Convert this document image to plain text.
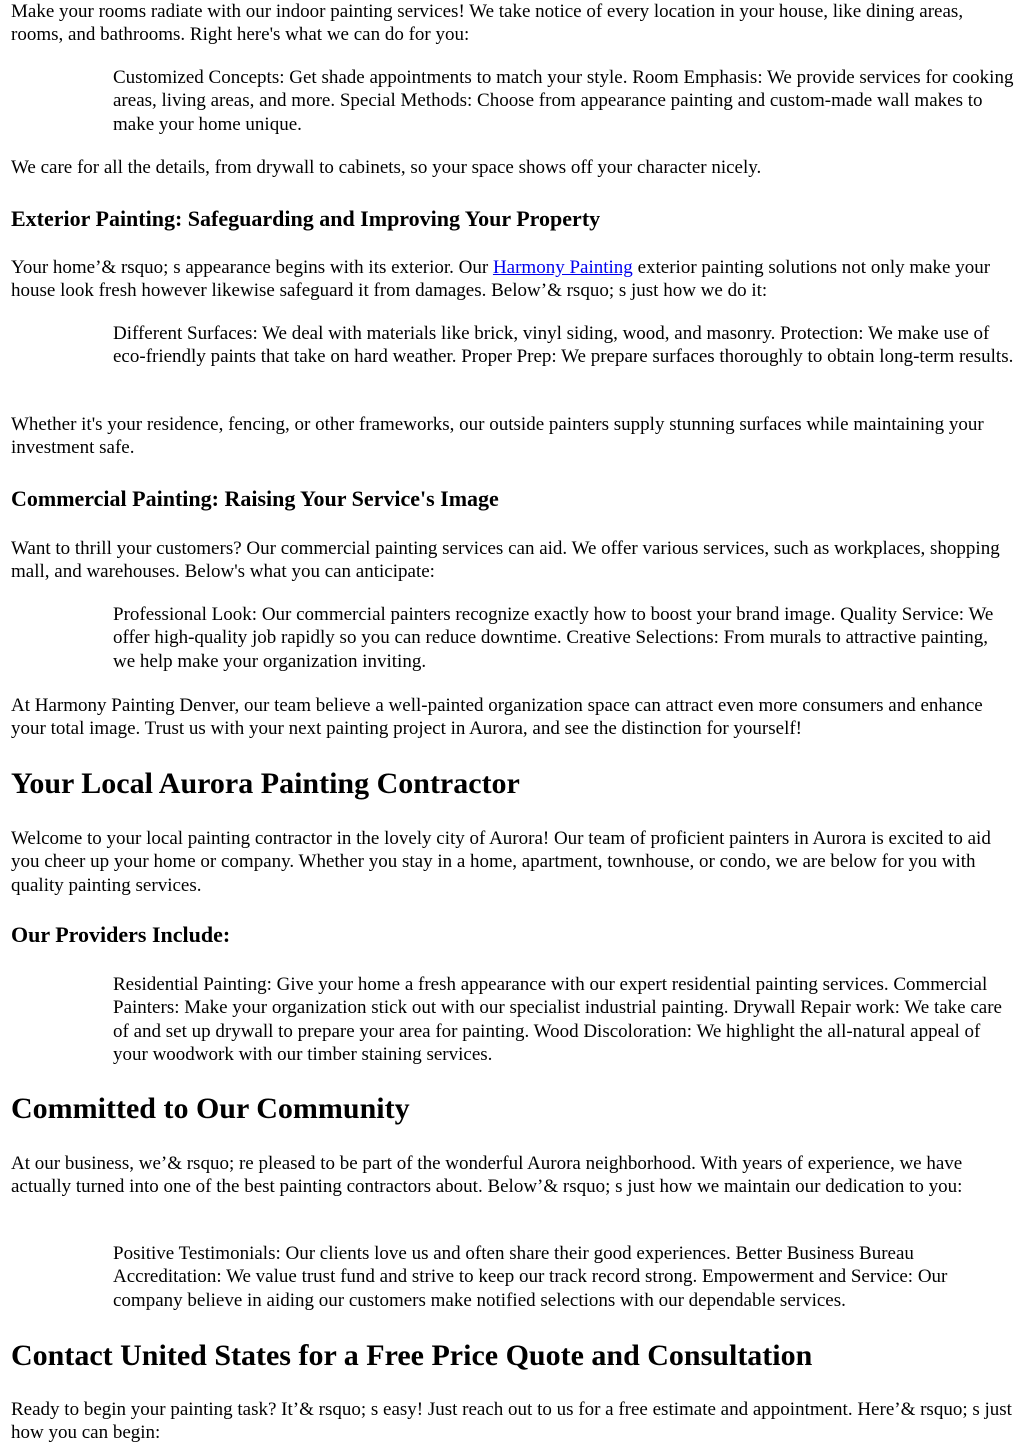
Make your rooms radiate with our indoor painting services! We take notice of every location in your house, like dining areas, rooms, and bathrooms. Right here's what we can do for you:

Customized Concepts: Get shade appointments to match your style. Room Emphasis: We provide services for cooking areas, living areas, and more. Special Methods: Choose from appearance painting and custom-made wall makes to make your home unique.

We care for all the details, from drywall to cabinets, so your space shows off your character nicely.

Exterior Painting: Safeguarding and Improving Your Property

Your home’& rsquo; s appearance begins with its exterior. Our Harmony Painting exterior painting solutions not only make your house look fresh however likewise safeguard it from damages. Below’& rsquo; s just how we do it:

Different Surfaces: We deal with materials like brick, vinyl siding, wood, and masonry. Protection: We make use of eco-friendly paints that take on hard weather. Proper Prep: We prepare surfaces thoroughly to obtain long-term results.

Whether it's your residence, fencing, or other frameworks, our outside painters supply stunning surfaces while maintaining your investment safe.

Commercial Painting: Raising Your Service's Image

Want to thrill your customers? Our commercial painting services can aid. We offer various services, such as workplaces, shopping mall, and warehouses. Below's what you can anticipate:

Professional Look: Our commercial painters recognize exactly how to boost your brand image. Quality Service: We offer high-quality job rapidly so you can reduce downtime. Creative Selections: From murals to attractive painting, we help make your organization inviting.

At Harmony Painting Denver, our team believe a well-painted organization space can attract even more consumers and enhance your total image. Trust us with your next painting project in Aurora, and see the distinction for yourself!

Your Local Aurora Painting Contractor

Welcome to your local painting contractor in the lovely city of Aurora! Our team of proficient painters in Aurora is excited to aid you cheer up your home or company. Whether you stay in a home, apartment, townhouse, or condo, we are below for you with quality painting services.

Our Providers Include:
Residential Painting: Give your home a fresh appearance with our expert residential painting services. Commercial Painters: Make your organization stick out with our specialist industrial painting. Drywall Repair work: We take care of and set up drywall to prepare your area for painting. Wood Discoloration: We highlight the all-natural appeal of your woodwork with our timber staining services.
Committed to Our Community

At our business, we’& rsquo; re pleased to be part of the wonderful Aurora neighborhood. With years of experience, we have actually turned into one of the best painting contractors about. Below’& rsquo; s just how we maintain our dedication to you:

Positive Testimonials: Our clients love us and often share their good experiences. Better Business Bureau Accreditation: We value trust fund and strive to keep our track record strong. Empowerment and Service: Our company believe in aiding our customers make notified selections with our dependable services.
Contact United States for a Free Price Quote and Consultation

Ready to begin your painting task? It’& rsquo; s easy! Just reach out to us for a free estimate and appointment. Here’& rsquo; s just how you can begin:
